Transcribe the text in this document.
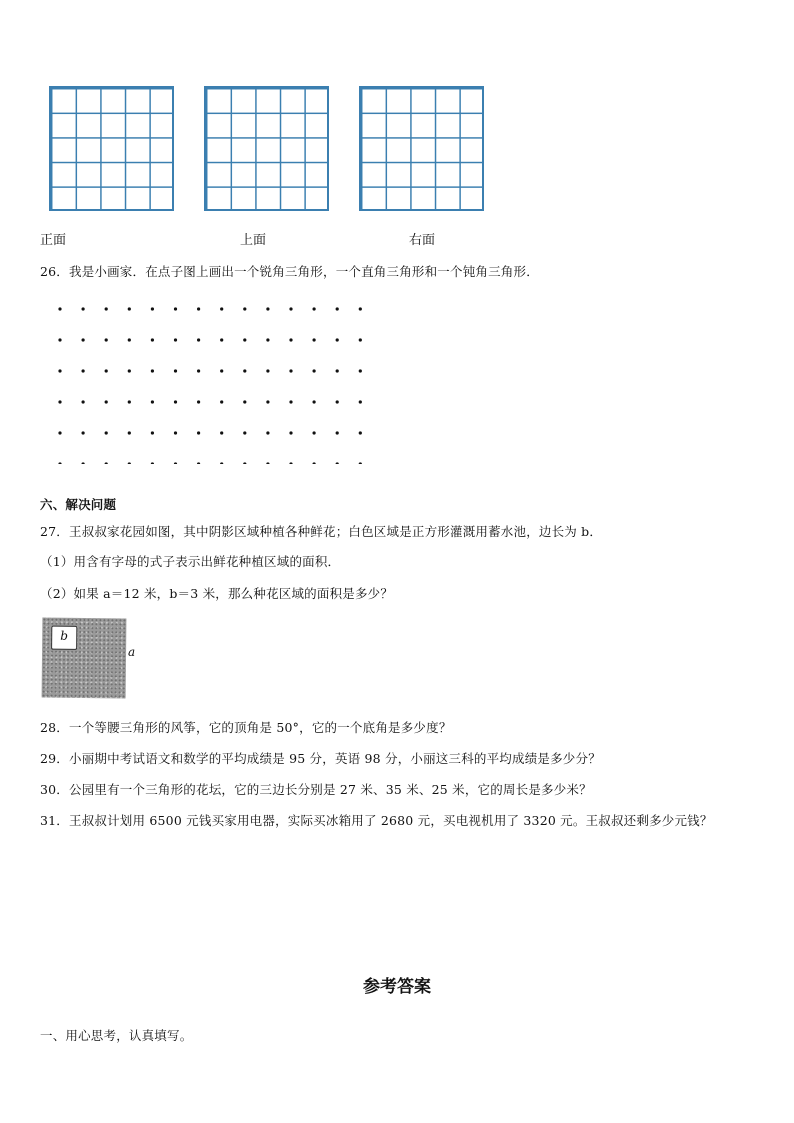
正面	上面	右面
26．我是小画家．在点子图上画出一个锐角三角形，一个直角三角形和一个钝角三角形．
六、解决问题
27．王叔叔家花园如图，其中阴影区域种植各种鲜花；白色区域是正方形灌溉用蓄水池，边长为 b．
（1）用含有字母的式子表示出鲜花种植区域的面积．
（2）如果 a＝12 米，b＝3 米，那么种花区域的面积是多少？
b
a
28．一个等腰三角形的风筝，它的顶角是 50°，它的一个底角是多少度？
29．小丽期中考试语文和数学的平均成绩是 95 分，英语 98 分，小丽这三科的平均成绩是多少分？
30．公园里有一个三角形的花坛，它的三边长分别是 27 米、35 米、25 米，它的周长是多少米？
31．王叔叔计划用 6500 元钱买家用电器，实际买冰箱用了 2680 元，买电视机用了 3320 元。王叔叔还剩多少元钱？
参考答案
一、用心思考，认真填写。
